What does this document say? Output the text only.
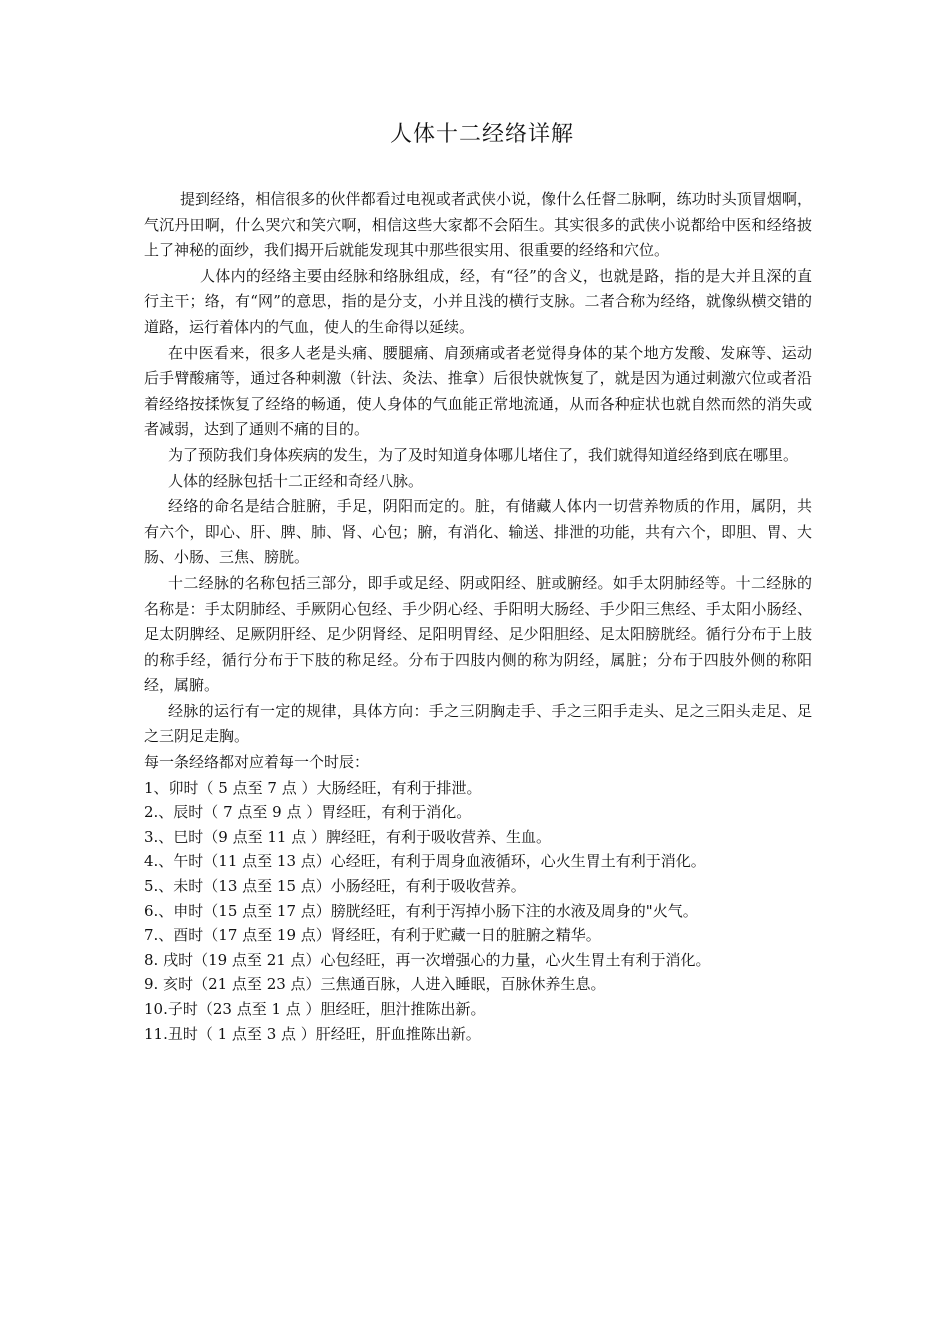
人体十二经络详解

提到经络，相信很多的伙伴都看过电视或者武侠小说，像什么任督二脉啊，练功时头顶冒烟啊，气沉丹田啊，什么哭穴和笑穴啊，相信这些大家都不会陌生。其实很多的武侠小说都给中医和经络披上了神秘的面纱，我们揭开后就能发现其中那些很实用、很重要的经络和穴位。

人体内的经络主要由经脉和络脉组成，经，有“径”的含义，也就是路，指的是大并且深的直行主干；络，有“网”的意思，指的是分支，小并且浅的横行支脉。二者合称为经络，就像纵横交错的道路，运行着体内的气血，使人的生命得以延续。

在中医看来，很多人老是头痛、腰腿痛、肩颈痛或者老觉得身体的某个地方发酸、发麻等、运动后手臂酸痛等，通过各种刺激（针法、灸法、推拿）后很快就恢复了，就是因为通过刺激穴位或者沿着经络按揉恢复了经络的畅通，使人身体的气血能正常地流通，从而各种症状也就自然而然的消失或者减弱，达到了通则不痛的目的。

为了预防我们身体疾病的发生，为了及时知道身体哪儿堵住了，我们就得知道经络到底在哪里。

人体的经脉包括十二正经和奇经八脉。

经络的命名是结合脏腑，手足，阴阳而定的。脏，有储藏人体内一切营养物质的作用，属阴，共有六个，即心、肝、脾、肺、肾、心包；腑，有消化、输送、排泄的功能，共有六个，即胆、胃、大肠、小肠、三焦、膀胱。

十二经脉的名称包括三部分，即手或足经、阴或阳经、脏或腑经。如手太阴肺经等。十二经脉的名称是：手太阴肺经、手厥阴心包经、手少阴心经、手阳明大肠经、手少阳三焦经、手太阳小肠经、足太阴脾经、足厥阴肝经、足少阴肾经、足阳明胃经、足少阳胆经、足太阳膀胱经。循行分布于上肢的称手经，循行分布于下肢的称足经。分布于四肢内侧的称为阴经，属脏；分布于四肢外侧的称阳经，属腑。

经脉的运行有一定的规律，具体方向：手之三阴胸走手、手之三阳手走头、足之三阳头走足、足之三阴足走胸。

每一条经络都对应着每一个时辰：

1、卯时（ 5 点至 7 点 ）大肠经旺，有利于排泄。
2.、辰时（ 7 点至 9 点 ）胃经旺，有利于消化。
3.、巳时（9 点至 11 点 ）脾经旺，有利于吸收营养、生血。
4.、午时（11 点至 13 点）心经旺，有利于周身血液循环，心火生胃土有利于消化。
5.、未时（13 点至 15 点）小肠经旺，有利于吸收营养。
6.、申时（15 点至 17 点）膀胱经旺，有利于泻掉小肠下注的水液及周身的"火气。
7.、酉时（17 点至 19 点）肾经旺，有利于贮藏一日的脏腑之精华。
8. 戌时（19 点至 21 点）心包经旺，再一次增强心的力量，心火生胃土有利于消化。
9. 亥时（21 点至 23 点）三焦通百脉，人进入睡眠，百脉休养生息。
10.子时（23 点至 1 点 ）胆经旺，胆汁推陈出新。
11.丑时（ 1 点至 3 点 ）肝经旺，肝血推陈出新。
